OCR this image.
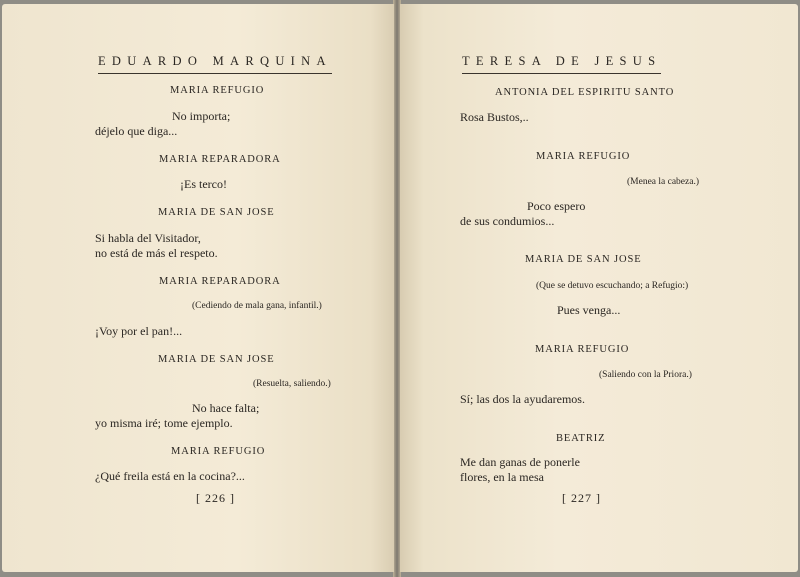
EDUARDO MARQUINA
MARIA REFUGIO
No importa;
déjelo que diga...
MARIA REPARADORA
¡Es terco!
MARIA DE SAN JOSE
Si habla del Visitador,
no está de más el respeto.
MARIA REPARADORA
(Cediendo de mala gana, infantil.)
¡Voy por el pan!...
MARIA DE SAN JOSE
(Resuelta, saliendo.)
No hace falta;
yo misma iré; tome ejemplo.
MARIA REFUGIO
¿Qué freila está en la cocina?...
[ 226 ]
TERESA DE JESUS
ANTONIA DEL ESPIRITU SANTO
Rosa Bustos,..
MARIA REFUGIO
(Menea la cabeza.)
Poco espero
de sus condumios...
MARIA DE SAN JOSE
(Que se detuvo escuchando; a Refugio:)
Pues venga...
MARIA REFUGIO
(Saliendo con la Priora.)
Sí; las dos la ayudaremos.
BEATRIZ
Me dan ganas de ponerle
flores, en la mesa
[ 227 ]
